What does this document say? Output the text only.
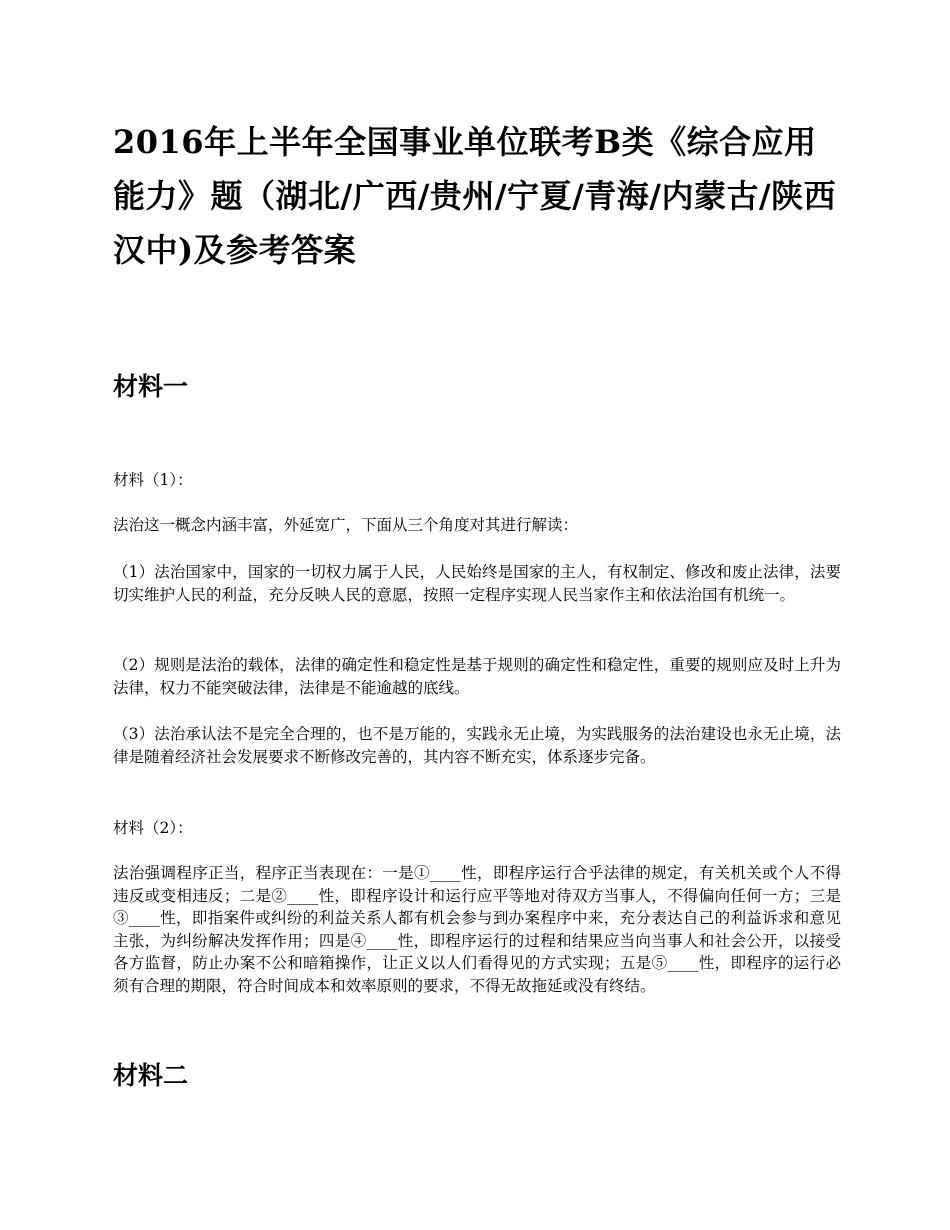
2016年上半年全国事业单位联考B类《综合应用能力》题（湖北/广西/贵州/宁夏/青海/内蒙古/陕西汉中)及参考答案
材料一

材料（1）：

法治这一概念内涵丰富，外延宽广，下面从三个角度对其进行解读：

（1）法治国家中，国家的一切权力属于人民，人民始终是国家的主人，有权制定、修改和废止法律，法要切实维护人民的利益，充分反映人民的意愿，按照一定程序实现人民当家作主和依法治国有机统一。

（2）规则是法治的载体，法律的确定性和稳定性是基于规则的确定性和稳定性，重要的规则应及时上升为法律，权力不能突破法律，法律是不能逾越的底线。

（3）法治承认法不是完全合理的，也不是万能的，实践永无止境，为实践服务的法治建设也永无止境，法律是随着经济社会发展要求不断修改完善的，其内容不断充实，体系逐步完备。

材料（2）：

法治强调程序正当，程序正当表现在：一是①____性，即程序运行合乎法律的规定，有关机关或个人不得违反或变相违反；二是②____性，即程序设计和运行应平等地对待双方当事人，不得偏向任何一方；三是③____性，即指案件或纠纷的利益关系人都有机会参与到办案程序中来，充分表达自己的利益诉求和意见主张，为纠纷解决发挥作用；四是④____性，即程序运行的过程和结果应当向当事人和社会公开，以接受各方监督，防止办案不公和暗箱操作，让正义以人们看得见的方式实现；五是⑤____性，即程序的运行必须有合理的期限，符合时间成本和效率原则的要求，不得无故拖延或没有终结。

材料二
